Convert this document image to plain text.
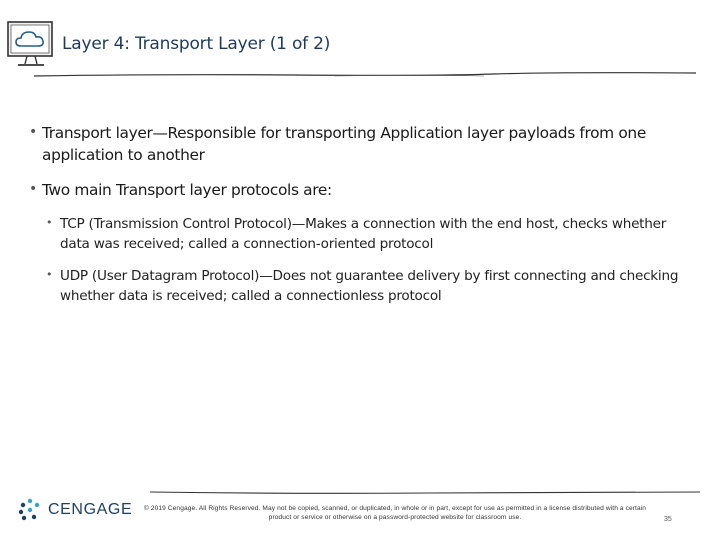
Layer 4: Transport Layer (1 of 2)
• Transport layer—Responsible for transporting Application layer payloads from one application to another
• Two main Transport layer protocols are:
• TCP (Transmission Control Protocol)—Makes a connection with the end host, checks whether data was received; called a connection-oriented protocol
• UDP (User Datagram Protocol)—Does not guarantee delivery by first connecting and checking whether data is received; called a connectionless protocol
CENGAGE	© 2019 Cengage. All Rights Reserved. May not be copied, scanned, or duplicated, in whole or in part, except for use as permitted in a license distributed with a certain product or service or otherwise on a password-protected website for classroom use.	35
